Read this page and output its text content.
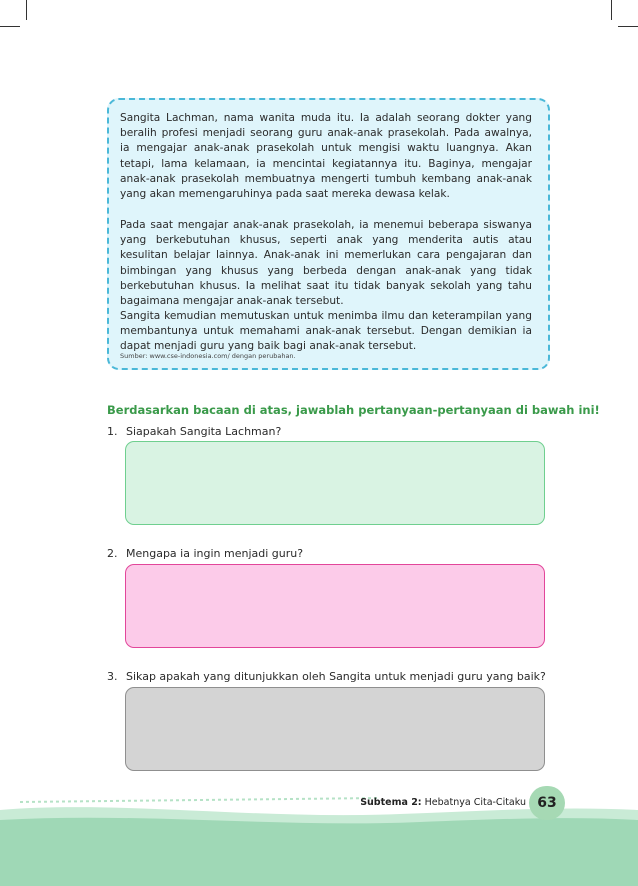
Sangita Lachman, nama wanita muda itu. Ia adalah seorang dokter yang beralih profesi menjadi seorang guru anak-anak prasekolah. Pada awalnya, ia mengajar anak-anak prasekolah untuk mengisi waktu luangnya. Akan tetapi, lama kelamaan, ia mencintai kegiatannya itu. Baginya, mengajar anak-anak prasekolah membuatnya mengerti tumbuh kembang anak-anak yang akan memengaruhinya pada saat mereka dewasa kelak.

Pada saat mengajar anak-anak prasekolah, ia menemui beberapa siswanya yang berkebutuhan khusus, seperti anak yang menderita autis atau kesulitan belajar lainnya. Anak-anak ini memerlukan cara pengajaran dan bimbingan yang khusus yang berbeda dengan anak-anak yang tidak berkebutuhan khusus. Ia melihat saat itu tidak banyak sekolah yang tahu bagaimana mengajar anak-anak tersebut.

Sangita kemudian memutuskan untuk menimba ilmu dan keterampilan yang membantunya untuk memahami anak-anak tersebut. Dengan demikian ia dapat menjadi guru yang baik bagi anak-anak tersebut.

Sumber: www.cse-indonesia.com/ dengan perubahan.

Berdasarkan bacaan di atas, jawablah pertanyaan-pertanyaan di bawah ini!

1. Siapakah Sangita Lachman?

2. Mengapa ia ingin menjadi guru?

3. Sikap apakah yang ditunjukkan oleh Sangita untuk menjadi guru yang baik?

Subtema 2: Hebatnya Cita-Citaku 63
